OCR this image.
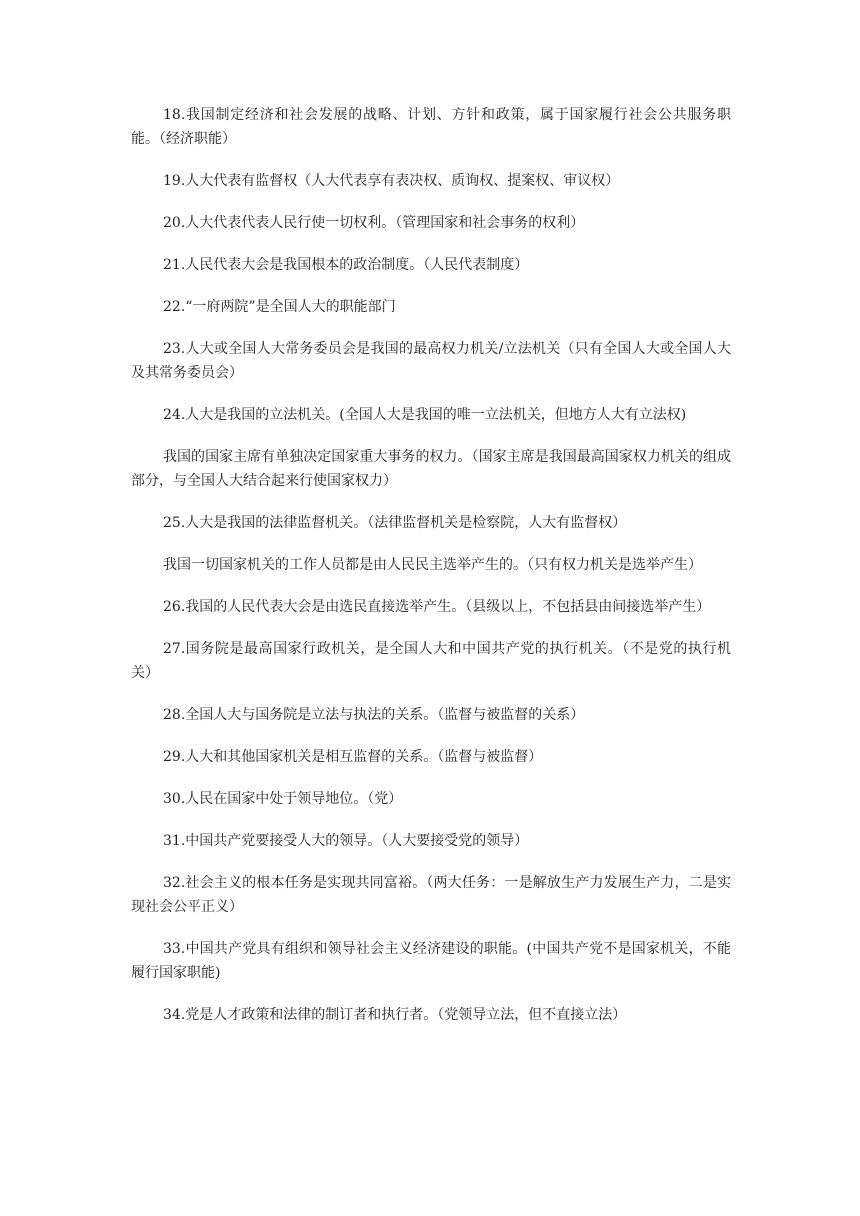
18.我国制定经济和社会发展的战略、计划、方针和政策，属于国家履行社会公共服务职能。（经济职能）

19.人大代表有监督权（人大代表享有表决权、质询权、提案权、审议权）

20.人大代表代表人民行使一切权利。（管理国家和社会事务的权利）

21.人民代表大会是我国根本的政治制度。（人民代表制度）

22.“一府两院”是全国人大的职能部门

23.人大或全国人大常务委员会是我国的最高权力机关/立法机关（只有全国人大或全国人大及其常务委员会）

24.人大是我国的立法机关。(全国人大是我国的唯一立法机关，但地方人大有立法权)

我国的国家主席有单独决定国家重大事务的权力。（国家主席是我国最高国家权力机关的组成部分，与全国人大结合起来行使国家权力）

25.人大是我国的法律监督机关。（法律监督机关是检察院，人大有监督权）

我国一切国家机关的工作人员都是由人民民主选举产生的。（只有权力机关是选举产生）

26.我国的人民代表大会是由选民直接选举产生。（县级以上，不包括县由间接选举产生）

27.国务院是最高国家行政机关，是全国人大和中国共产党的执行机关。（不是党的执行机关）

28.全国人大与国务院是立法与执法的关系。（监督与被监督的关系）

29.人大和其他国家机关是相互监督的关系。（监督与被监督）

30.人民在国家中处于领导地位。（党）

31.中国共产党要接受人大的领导。（人大要接受党的领导）

32.社会主义的根本任务是实现共同富裕。（两大任务：一是解放生产力发展生产力，二是实现社会公平正义）

33.中国共产党具有组织和领导社会主义经济建设的职能。(中国共产党不是国家机关，不能履行国家职能)

34.党是人才政策和法律的制订者和执行者。（党领导立法，但不直接立法）
